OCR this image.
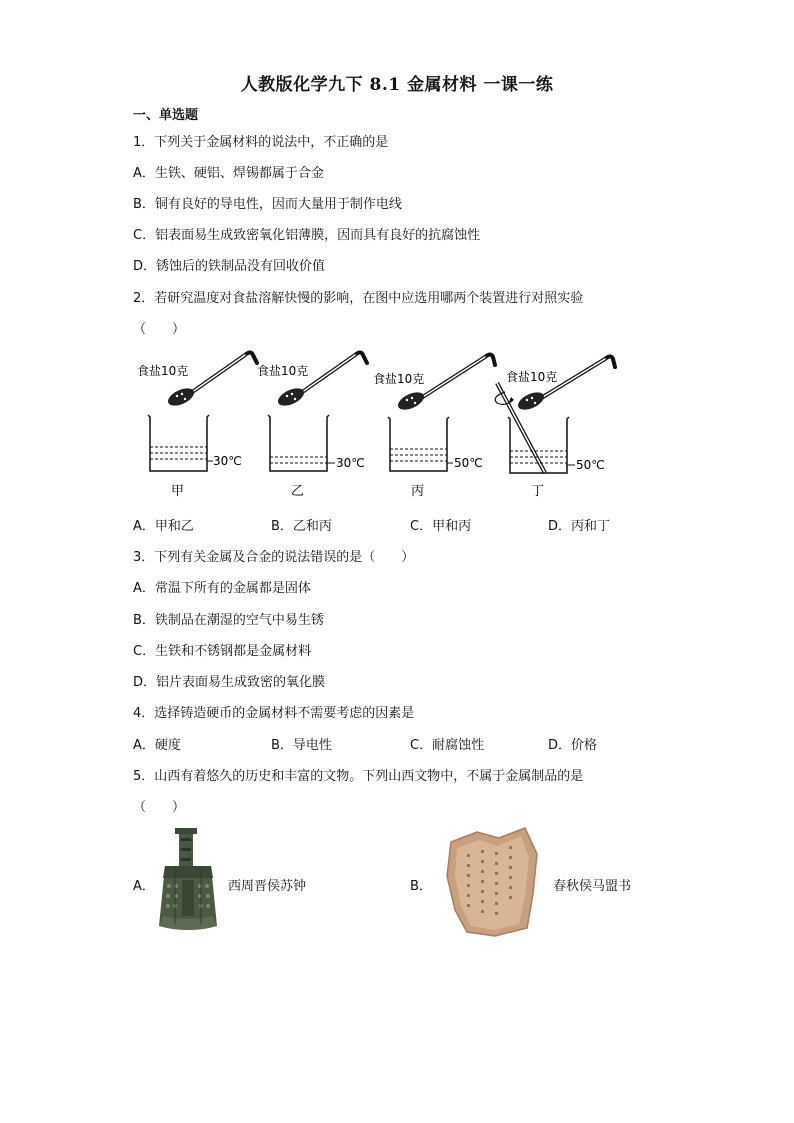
人教版化学九下 8.1 金属材料 一课一练
一、单选题
1．下列关于金属材料的说法中，不正确的是
A．生铁、硬铝、焊锡都属于合金
B．铜有良好的导电性，因而大量用于制作电线
C．铝表面易生成致密氧化铝薄膜，因而具有良好的抗腐蚀性
D．锈蚀后的铁制品没有回收价值
2．若研究温度对食盐溶解快慢的影响，在图中应选用哪两个装置进行对照实验
（　　）
食盐10克
30℃
甲
食盐10克
30℃
乙
食盐10克
50℃
丙
食盐10克
50℃
丁
A．甲和乙	B．乙和丙	C．甲和丙	D．丙和丁
3．下列有关金属及合金的说法错误的是（　　）
A．常温下所有的金属都是固体
B．铁制品在潮湿的空气中易生锈
C．生铁和不锈钢都是金属材料
D．铝片表面易生成致密的氧化膜
4．选择铸造硬币的金属材料不需要考虑的因素是
A．硬度	B．导电性	C．耐腐蚀性	D．价格
5．山西有着悠久的历史和丰富的文物。下列山西文物中，不属于金属制品的是
（　　）
A．	西周晋侯苏钟	B．	春秋侯马盟书
